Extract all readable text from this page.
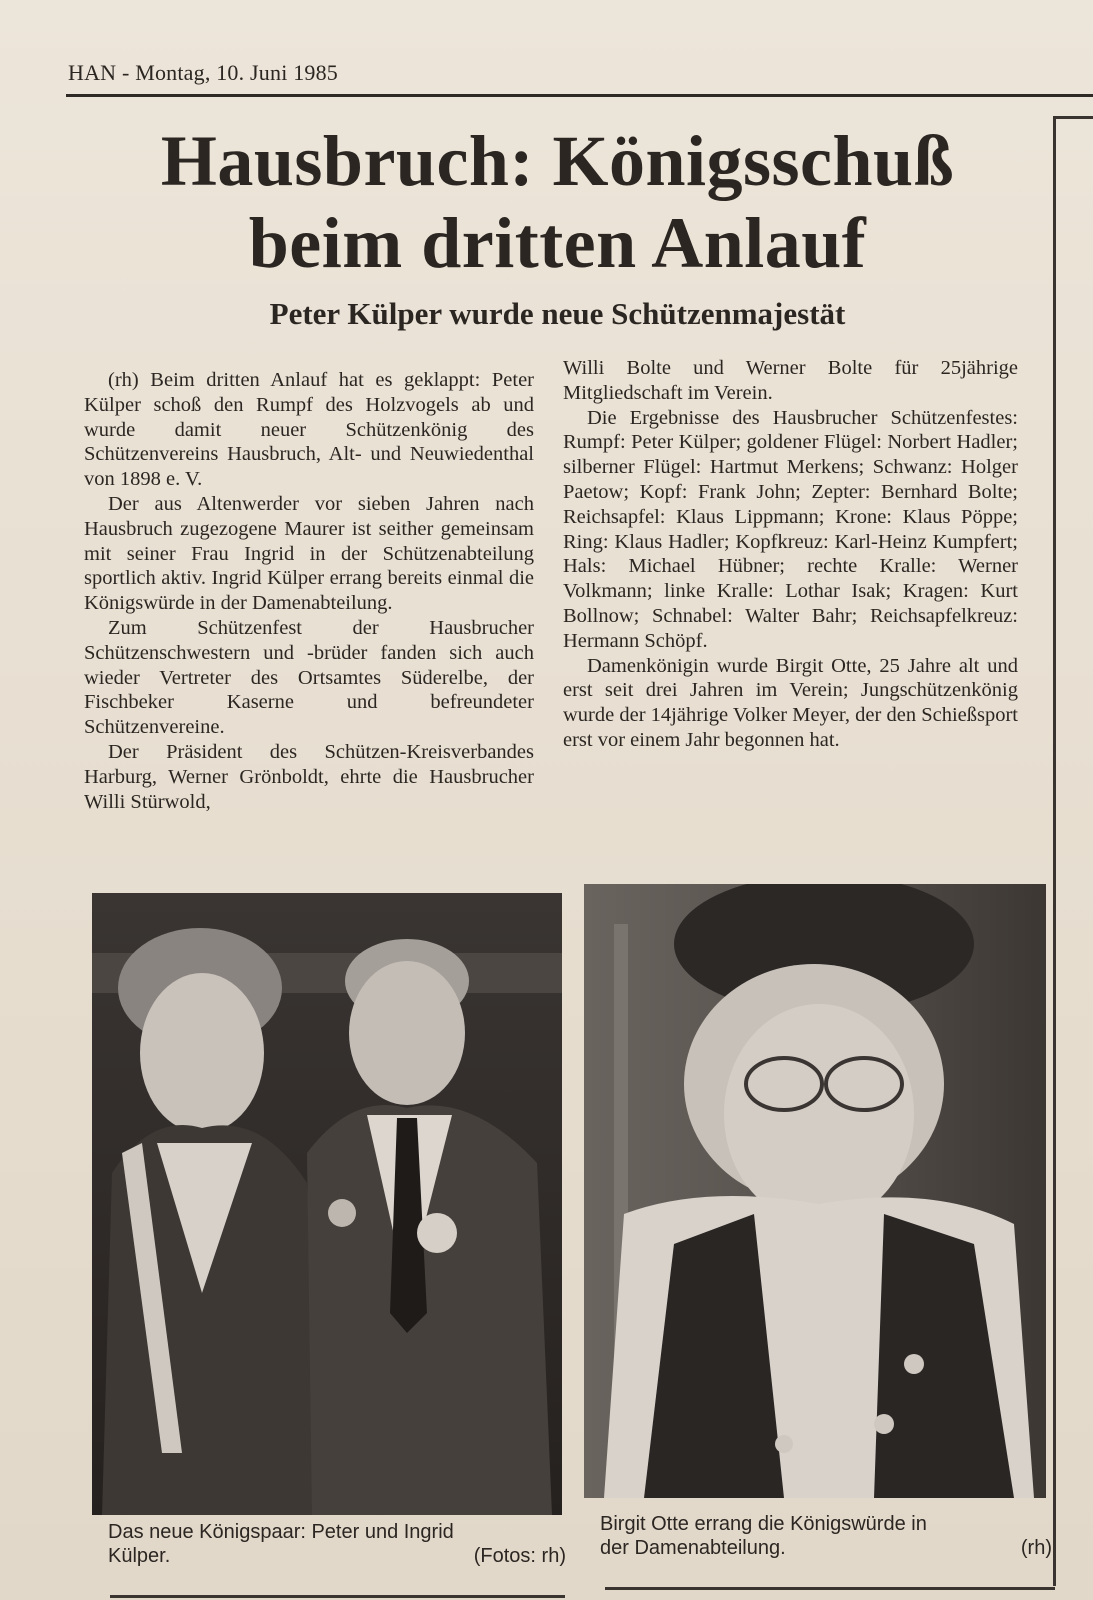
HAN - Montag, 10. Juni 1985
Hausbruch: Königsschuß
beim dritten Anlauf
Peter Külper wurde neue Schützenmajestät

(rh) Beim dritten Anlauf hat es geklappt: Peter Külper schoß den Rumpf des Holzvogels ab und wurde damit neuer Schützenkönig des Schützenvereins Hausbruch, Alt- und Neuwiedenthal von 1898 e. V.

Der aus Altenwerder vor sieben Jahren nach Hausbruch zugezogene Maurer ist seither gemeinsam mit seiner Frau Ingrid in der Schützenabteilung sportlich aktiv. Ingrid Külper errang bereits einmal die Königswürde in der Damenabteilung.

Zum Schützenfest der Hausbrucher Schützenschwestern und -brüder fanden sich auch wieder Vertreter des Ortsamtes Süderelbe, der Fischbeker Kaserne und befreundeter Schützenvereine.

Der Präsident des Schützen-Kreisverbandes Harburg, Werner Grönboldt, ehrte die Hausbrucher Willi Stürwold,

Willi Bolte und Werner Bolte für 25jährige Mitgliedschaft im Verein.

Die Ergebnisse des Hausbrucher Schützenfestes: Rumpf: Peter Külper; goldener Flügel: Norbert Hadler; silberner Flügel: Hartmut Merkens; Schwanz: Holger Paetow; Kopf: Frank John; Zepter: Bernhard Bolte; Reichsapfel: Klaus Lippmann; Krone: Klaus Pöppe; Ring: Klaus Hadler; Kopfkreuz: Karl-Heinz Kumpfert; Hals: Michael Hübner; rechte Kralle: Werner Volkmann; linke Kralle: Lothar Isak; Kragen: Kurt Bollnow; Schnabel: Walter Bahr; Reichsapfelkreuz: Hermann Schöpf.

Damenkönigin wurde Birgit Otte, 25 Jahre alt und erst seit drei Jahren im Verein; Jungschützenkönig wurde der 14jährige Volker Meyer, der den Schießsport erst vor einem Jahr begonnen hat.

Das neue Königspaar: Peter und Ingrid
Külper.	(Fotos: rh)
Birgit Otte errang die Königswürde in
der Damenabteilung.	(rh)
